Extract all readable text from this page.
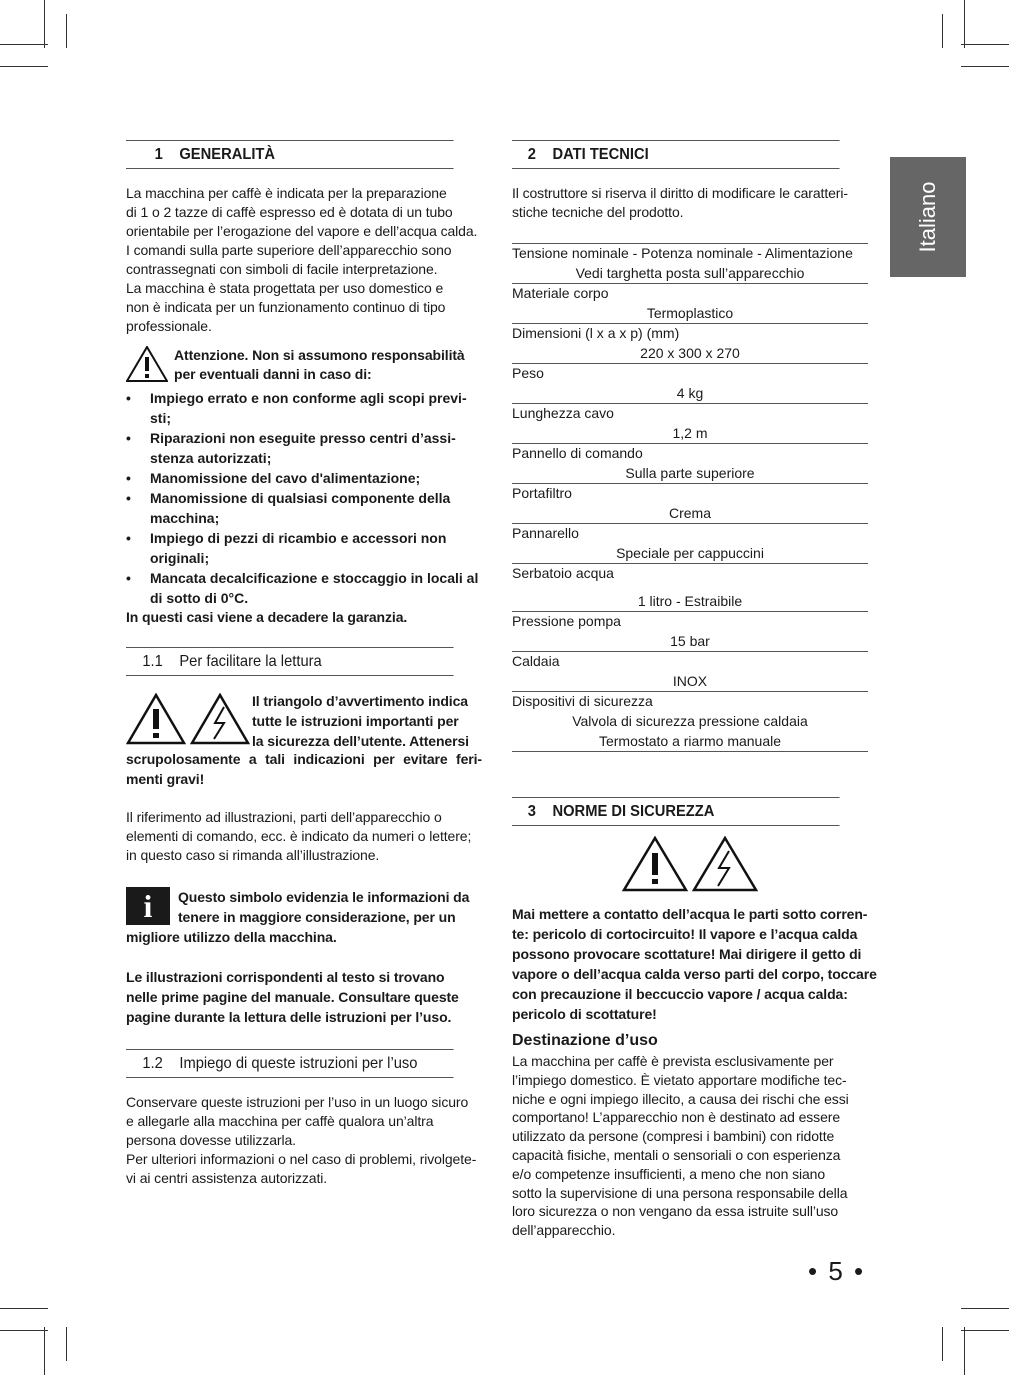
Italiano
1 GENERALITÀ
La macchina per caffè è indicata per la preparazione
di 1 o 2 tazze di caffè espresso ed è dotata di un tubo
orientabile per l’erogazione del vapore e dell’acqua calda.
I comandi sulla parte superiore dell’apparecchio sono
contrassegnati con simboli di facile interpretazione.
La macchina è stata progettata per uso domestico e
non è indicata per un funzionamento continuo di tipo
professionale.
Attenzione. Non si assumono responsabilità
per eventuali danni in caso di:
• Impiego errato e non conforme agli scopi previ- sti;
• Riparazioni non eseguite presso centri d’assi- stenza autorizzati;
• Manomissione del cavo d'alimentazione;
• Manomissione di qualsiasi componente della macchina;
• Impiego di pezzi di ricambio e accessori non originali;
• Mancata decalcificazione e stoccaggio in locali al di sotto di 0°C.
In questi casi viene a decadere la garanzia.
1.1 Per facilitare la lettura
Il triangolo d’avvertimento indica
tutte le istruzioni importanti per
la sicurezza dell’utente. Attenersi
scrupolosamente a tali indicazioni per evitare feri- menti gravi!
Il riferimento ad illustrazioni, parti dell’apparecchio o
elementi di comando, ecc. è indicato da numeri o lettere;
in questo caso si rimanda all’illustrazione.
i	Questo simbolo evidenzia le informazioni da
tenere in maggiore considerazione, per un
migliore utilizzo della macchina.
Le illustrazioni corrispondenti al testo si trovano
nelle prime pagine del manuale. Consultare queste
pagine durante la lettura delle istruzioni per l’uso.
1.2 Impiego di queste istruzioni per l’uso
Conservare queste istruzioni per l’uso in un luogo sicuro
e allegarle alla macchina per caffè qualora un’altra
persona dovesse utilizzarla.
Per ulteriori informazioni o nel caso di problemi, rivolgete-
vi ai centri assistenza autorizzati.
2 DATI TECNICI
Il costruttore si riserva il diritto di modificare le caratteri-
stiche tecniche del prodotto.
Tensione nominale - Potenza nominale - Alimentazione
Vedi targhetta posta sull’apparecchio
Materiale corpo
Termoplastico
Dimensioni (l x a x p) (mm)
220 x 300 x 270
Peso
4 kg
Lunghezza cavo
1,2 m
Pannello di comando
Sulla parte superiore
Portafiltro
Crema
Pannarello
Speciale per cappuccini
Serbatoio acqua
1 litro - Estraibile
Pressione pompa
15 bar
Caldaia
INOX
Dispositivi di sicurezza
Valvola di sicurezza pressione caldaia
Termostato a riarmo manuale
3 NORME DI SICUREZZA
Mai mettere a contatto dell’acqua le parti sotto corren-
te: pericolo di cortocircuito! Il vapore e l’acqua calda
possono provocare scottature! Mai dirigere il getto di
vapore o dell’acqua calda verso parti del corpo, toccare
con precauzione il beccuccio vapore / acqua calda:
pericolo di scottature!
Destinazione d’uso
La macchina per caffè è prevista esclusivamente per
l’impiego domestico. È vietato apportare modifiche tec-
niche e ogni impiego illecito, a causa dei rischi che essi
comportano! L’apparecchio non è destinato ad essere
utilizzato da persone (compresi i bambini) con ridotte
capacità fisiche, mentali o sensoriali o con esperienza
e/o competenze insufficienti, a meno che non siano
sotto la supervisione di una persona responsabile della
loro sicurezza o non vengano da essa istruite sull’uso
dell’apparecchio.
• 5 •
